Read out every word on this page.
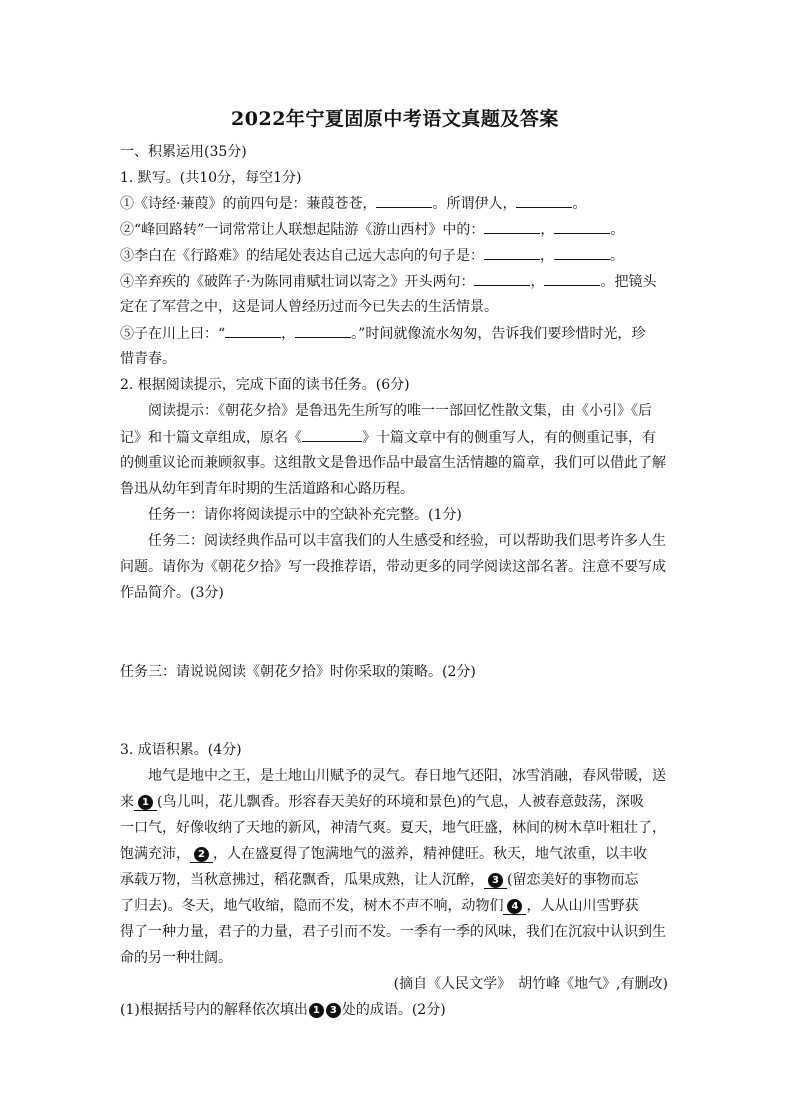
2022年宁夏固原中考语文真题及答案
一、积累运用(35分)
1. 默写。(共10分，每空1分)
①《诗经·蒹葭》的前四句是：蒹葭苍苍，	。所谓伊人，	。
②“峰回路转”一词常常让人联想起陆游《游山西村》中的：	，	。
③李白在《行路难》的结尾处表达自己远大志向的句子是：	，	。
④辛弃疾的《破阵子·为陈同甫赋壮词以寄之》开头两句：	，	。把镜头
定在了军营之中，这是词人曾经历过而今已失去的生活情景。
⑤子在川上曰：“	，	。”时间就像流水匆匆，告诉我们要珍惜时光，珍
惜青春。
2. 根据阅读提示，完成下面的读书任务。(6分)
阅读提示：《朝花夕拾》是鲁迅先生所写的唯一一部回忆性散文集，由《小引》《后
记》和十篇文章组成，原名《	》十篇文章中有的侧重写人，有的侧重记事，有
的侧重议论而兼顾叙事。这组散文是鲁迅作品中最富生活情趣的篇章，我们可以借此了解
鲁迅从幼年到青年时期的生活道路和心路历程。
任务一：请你将阅读提示中的空缺补充完整。(1分)
任务二：阅读经典作品可以丰富我们的人生感受和经验，可以帮助我们思考许多人生
问题。请你为《朝花夕拾》写一段推荐语，带动更多的同学阅读这部名著。注意不要写成
作品简介。(3分)
任务三：请说说阅读《朝花夕拾》时你采取的策略。(2分)
3. 成语积累。(4分)
地气是地中之王，是土地山川赋予的灵气。春日地气还阳，冰雪消融，春风带暖，送
来 1 (鸟儿叫，花儿飘香。形容春天美好的环境和景色)的气息，人被春意鼓荡，深吸
一口气，好像收纳了天地的新风，神清气爽。夏天，地气旺盛，林间的树木草叶粗壮了，
饱满充沛， 2 ，人在盛夏得了饱满地气的滋养，精神健旺。秋天，地气浓重，以丰收
承载万物，当秋意拂过，稻花飘香，瓜果成熟，让人沉醉， 3 (留恋美好的事物而忘
了归去)。冬天，地气收缩，隐而不发，树木不声不响，动物们 4 ，人从山川雪野获
得了一种力量，君子的力量，君子引而不发。一季有一季的风味，我们在沉寂中认识到生
命的另一种壮阔。
(摘自《人民文学》　胡竹峰《地气》,有删改)
(1)根据括号内的解释依次填出 1 3 处的成语。(2分)
